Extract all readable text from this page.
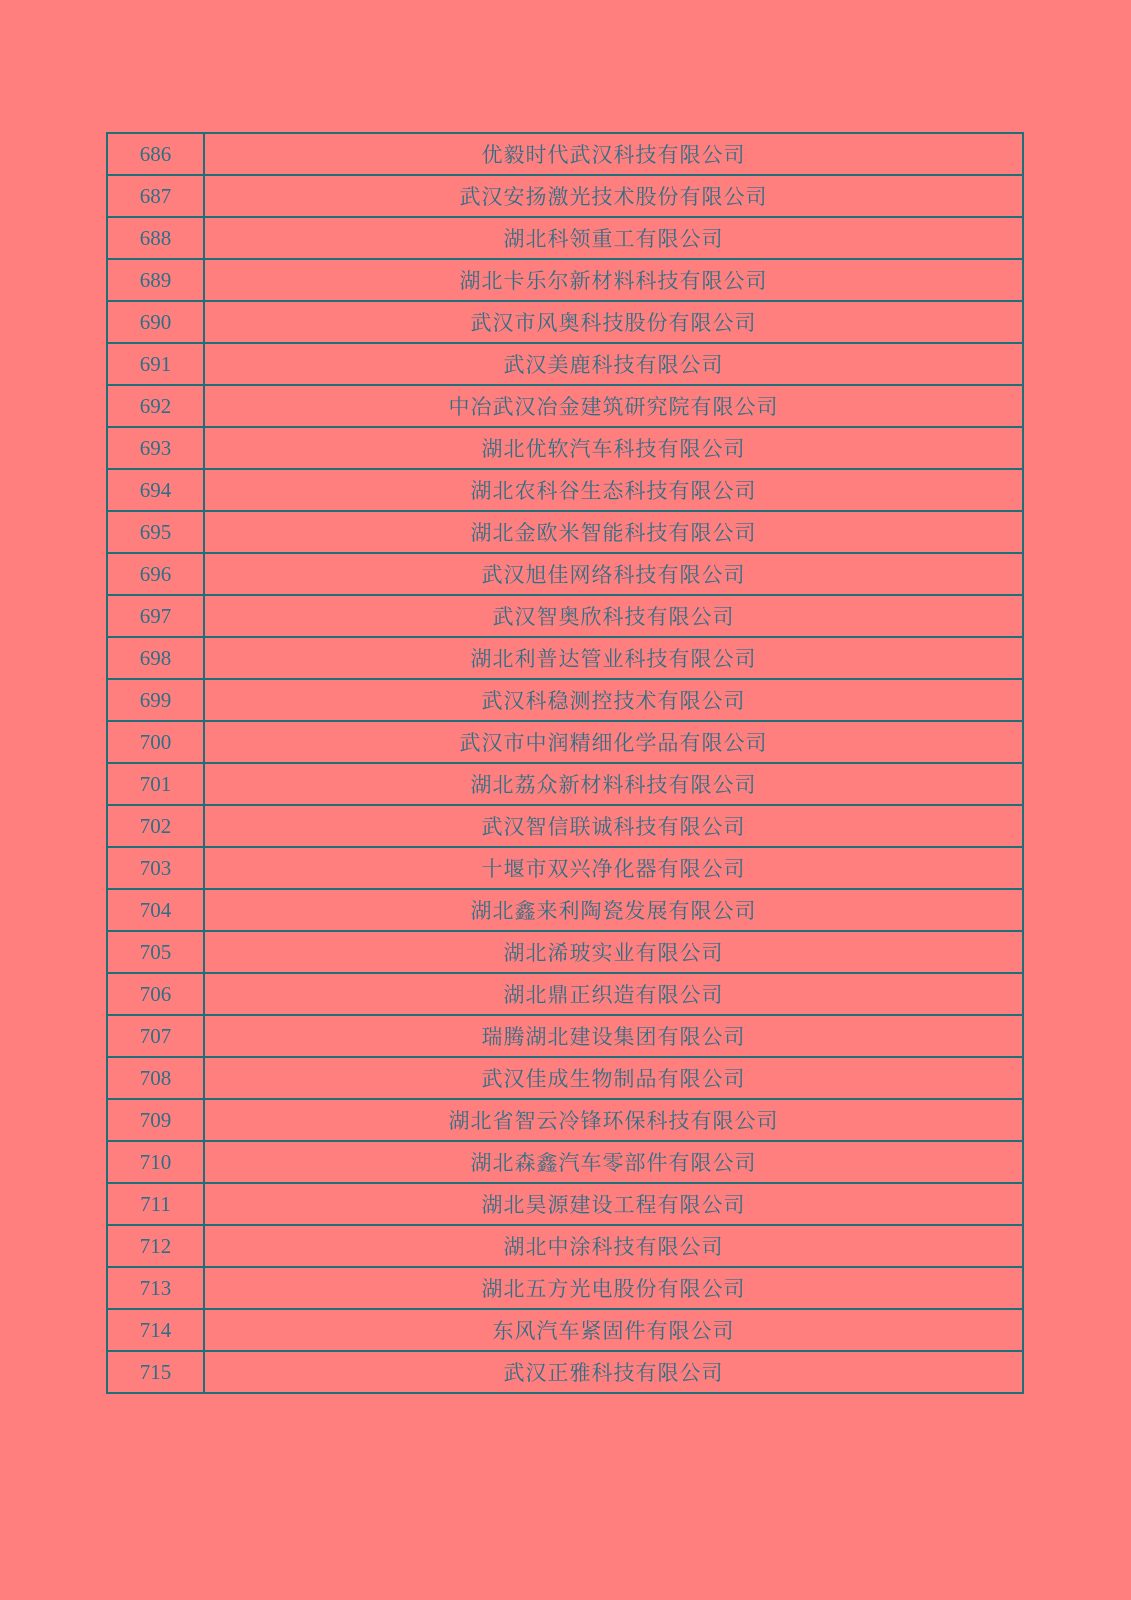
686	优毅时代武汉科技有限公司
687	武汉安扬激光技术股份有限公司
688	湖北科领重工有限公司
689	湖北卡乐尔新材料科技有限公司
690	武汉市风奥科技股份有限公司
691	武汉美鹿科技有限公司
692	中冶武汉冶金建筑研究院有限公司
693	湖北优软汽车科技有限公司
694	湖北农科谷生态科技有限公司
695	湖北金欧米智能科技有限公司
696	武汉旭佳网络科技有限公司
697	武汉智奥欣科技有限公司
698	湖北利普达管业科技有限公司
699	武汉科稳测控技术有限公司
700	武汉市中润精细化学品有限公司
701	湖北荔众新材料科技有限公司
702	武汉智信联诚科技有限公司
703	十堰市双兴净化器有限公司
704	湖北鑫来利陶瓷发展有限公司
705	湖北浠玻实业有限公司
706	湖北鼎正织造有限公司
707	瑞腾湖北建设集团有限公司
708	武汉佳成生物制品有限公司
709	湖北省智云冷锋环保科技有限公司
710	湖北森鑫汽车零部件有限公司
711	湖北昊源建设工程有限公司
712	湖北中涂科技有限公司
713	湖北五方光电股份有限公司
714	东风汽车紧固件有限公司
715	武汉正雅科技有限公司
